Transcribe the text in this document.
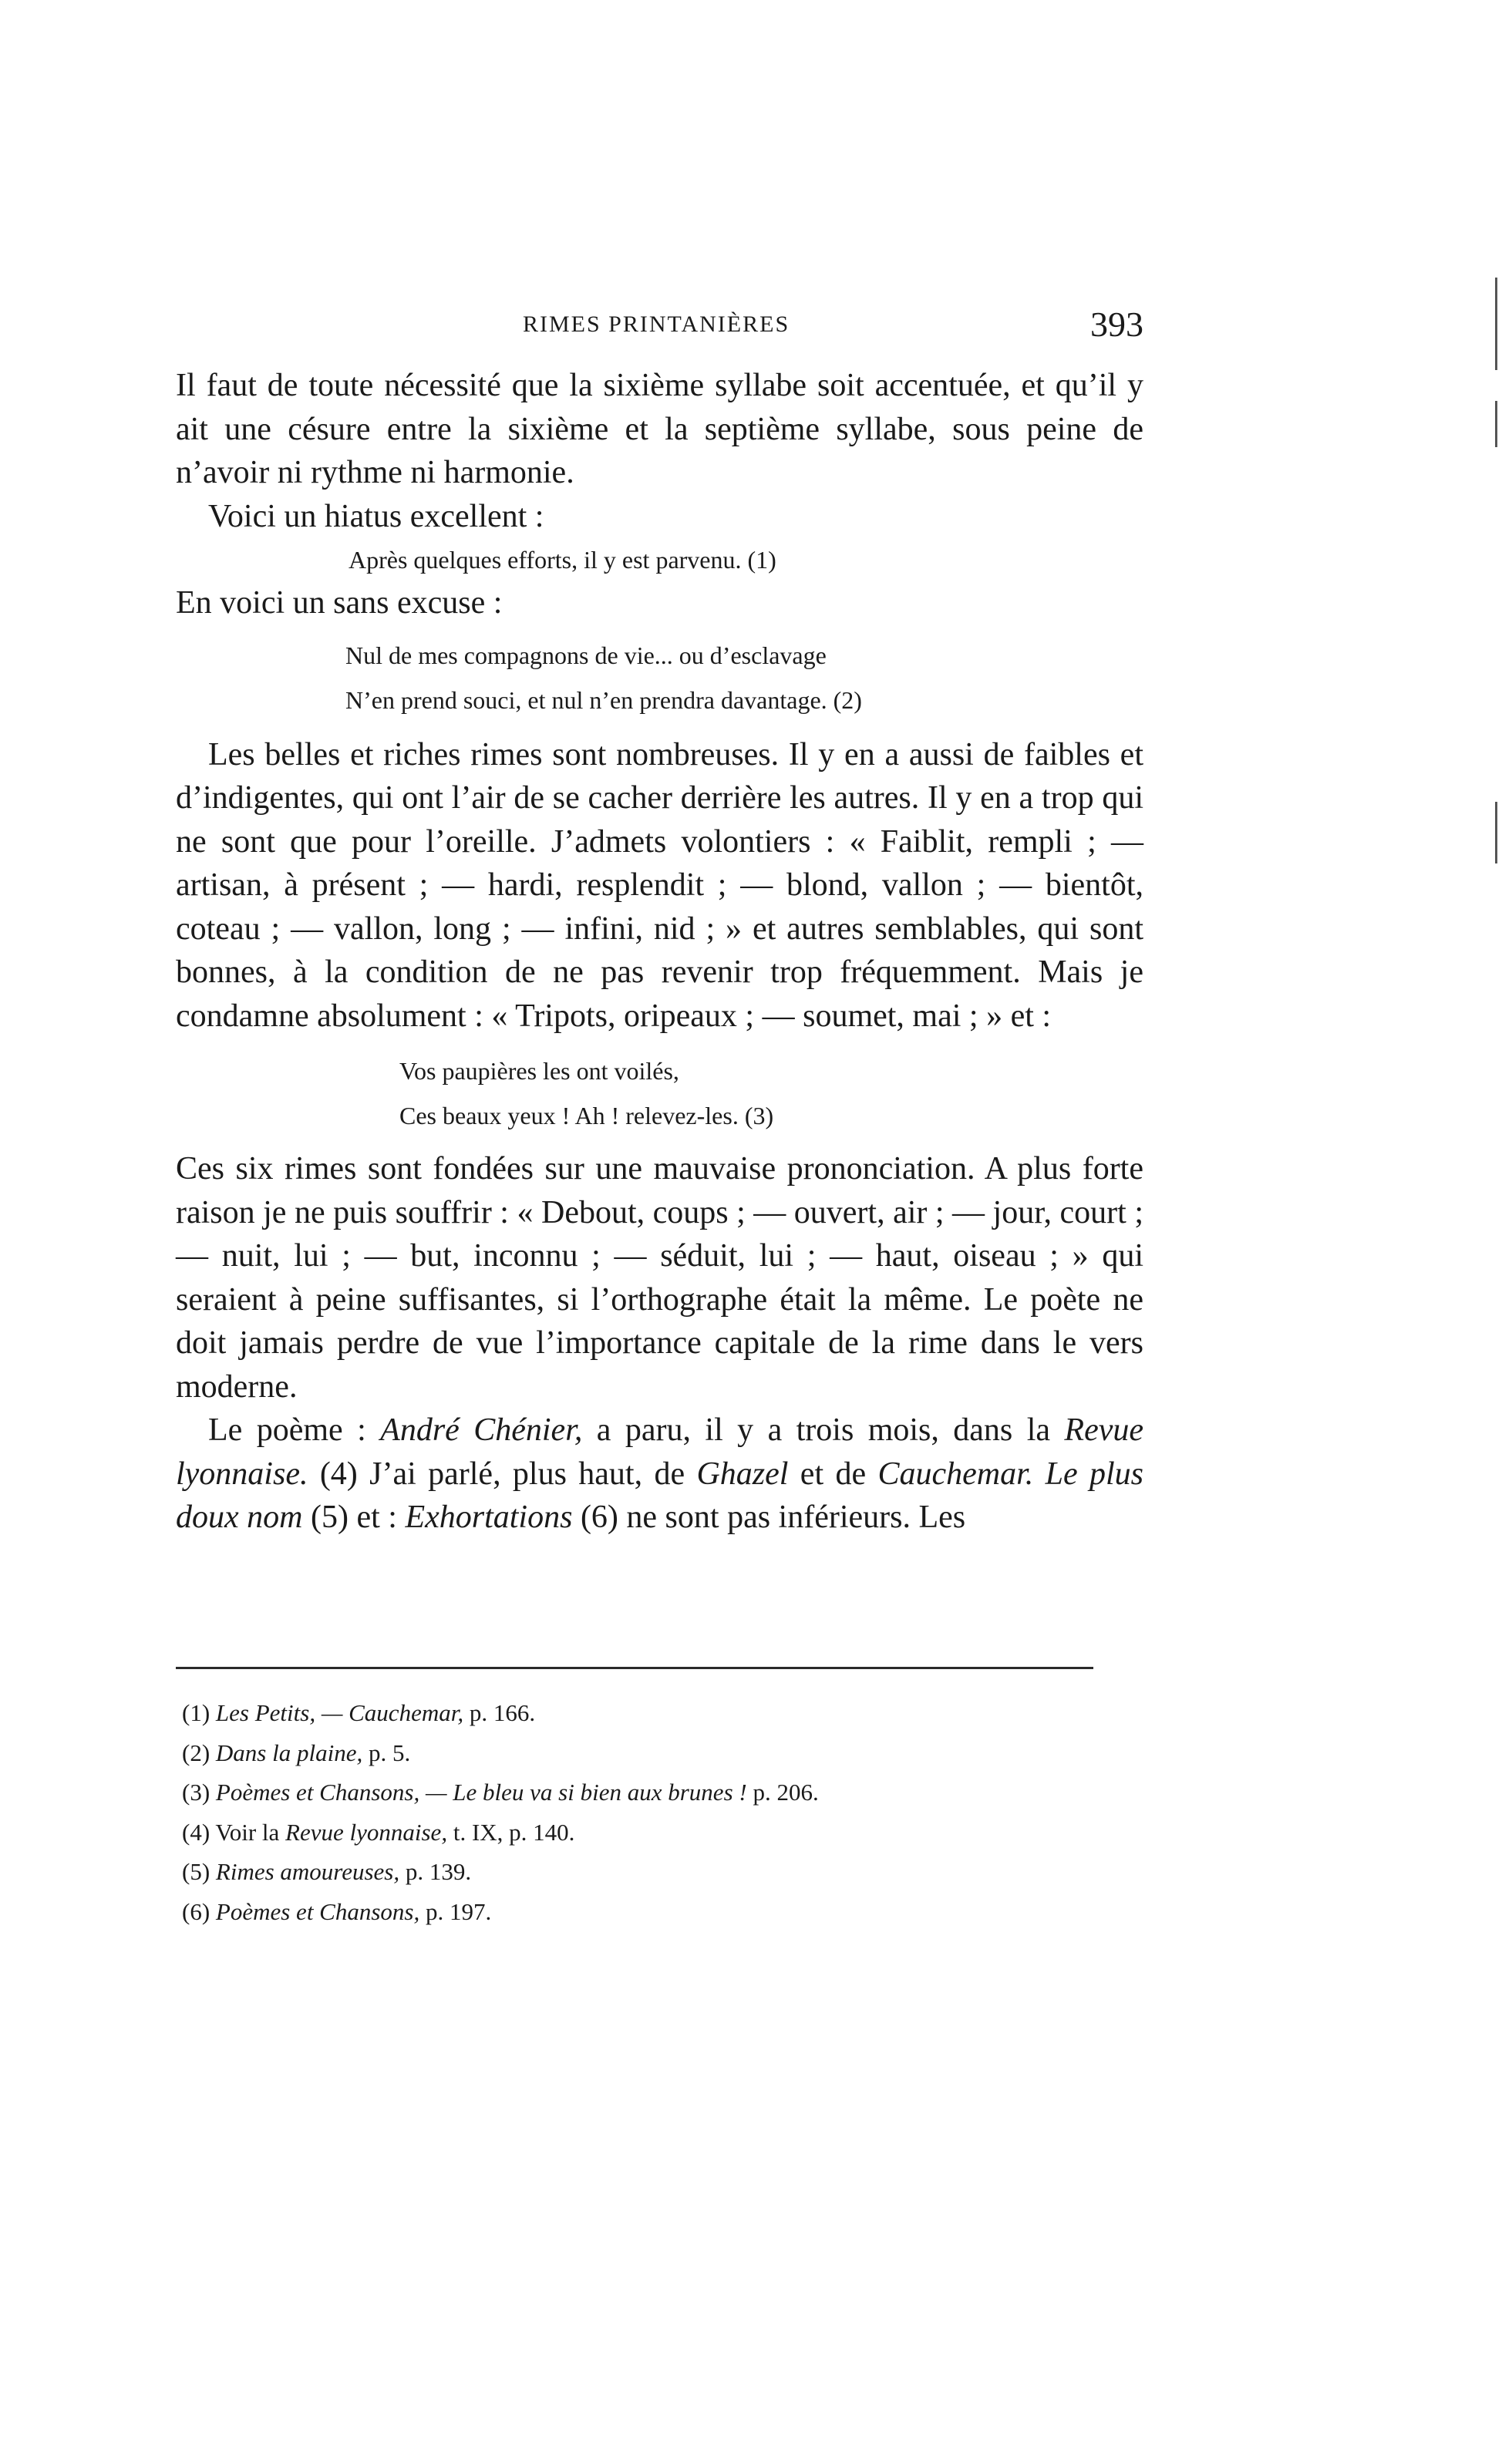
RIMES PRINTANIÈRES	393

Il faut de toute nécessité que la sixième syllabe soit accentuée, et qu’il y ait une césure entre la sixième et la septième syllabe, sous peine de n’avoir ni rythme ni harmonie.

Voici un hiatus excellent :

Après quelques efforts, il y est parvenu. (1)

En voici un sans excuse :

Nul de mes compagnons de vie... ou d’esclavage
N’en prend souci, et nul n’en prendra davantage. (2)

Les belles et riches rimes sont nombreuses. Il y en a aussi de faibles et d’indigentes, qui ont l’air de se cacher derrière les autres. Il y en a trop qui ne sont que pour l’oreille. J’admets volontiers : « Faiblit, rempli ; — artisan, à présent ; — hardi, resplendit ; — blond, vallon ; — bientôt, coteau ; — vallon, long ; — infini, nid ; » et autres semblables, qui sont bonnes, à la condition de ne pas revenir trop fréquemment. Mais je condamne absolument : « Tripots, oripeaux ; — soumet, mai ; » et :

Vos paupières les ont voilés,
Ces beaux yeux ! Ah ! relevez-les. (3)

Ces six rimes sont fondées sur une mauvaise prononciation. A plus forte raison je ne puis souffrir : « Debout, coups ; — ouvert, air ; — jour, court ; — nuit, lui ; — but, inconnu ; — séduit, lui ; — haut, oiseau ; » qui seraient à peine suffisantes, si l’orthographe était la même. Le poète ne doit jamais perdre de vue l’importance capitale de la rime dans le vers moderne.

Le poème : André Chénier, a paru, il y a trois mois, dans la Revue lyonnaise. (4) J’ai parlé, plus haut, de Ghazel et de Cauchemar. Le plus doux nom (5) et : Exhortations (6) ne sont pas inférieurs. Les

(1) Les Petits, — Cauchemar, p. 166.
(2) Dans la plaine, p. 5.
(3) Poèmes et Chansons, — Le bleu va si bien aux brunes ! p. 206.
(4) Voir la Revue lyonnaise, t. IX, p. 140.
(5) Rimes amoureuses, p. 139.
(6) Poèmes et Chansons, p. 197.
